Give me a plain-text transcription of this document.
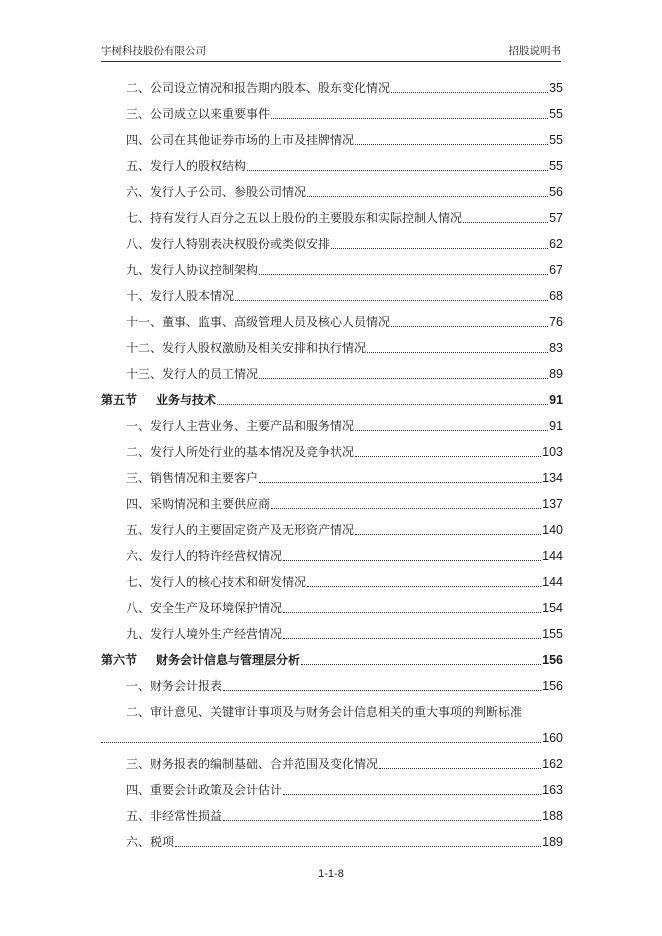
宇树科技股份有限公司	招股说明书
二、公司设立情况和报告期内股本、股东变化情况	35
三、公司成立以来重要事件	55
四、公司在其他证券市场的上市及挂牌情况	55
五、发行人的股权结构	55
六、发行人子公司、参股公司情况	56
七、持有发行人百分之五以上股份的主要股东和实际控制人情况	57
八、发行人特别表决权股份或类似安排	62
九、发行人协议控制架构	67
十、发行人股本情况	68
十一、董事、监事、高级管理人员及核心人员情况	76
十二、发行人股权激励及相关安排和执行情况	83
十三、发行人的员工情况	89
第五节	业务与技术	91
一、发行人主营业务、主要产品和服务情况	91
二、发行人所处行业的基本情况及竞争状况	103
三、销售情况和主要客户	134
四、采购情况和主要供应商	137
五、发行人的主要固定资产及无形资产情况	140
六、发行人的特许经营权情况	144
七、发行人的核心技术和研发情况	144
八、安全生产及环境保护情况	154
九、发行人境外生产经营情况	155
第六节	财务会计信息与管理层分析	156
一、财务会计报表	156
二、审计意见、关键审计事项及与财务会计信息相关的重大事项的判断标准
160
三、财务报表的编制基础、合并范围及变化情况	162
四、重要会计政策及会计估计	163
五、非经常性损益	188
六、税项	189
1-1-8
